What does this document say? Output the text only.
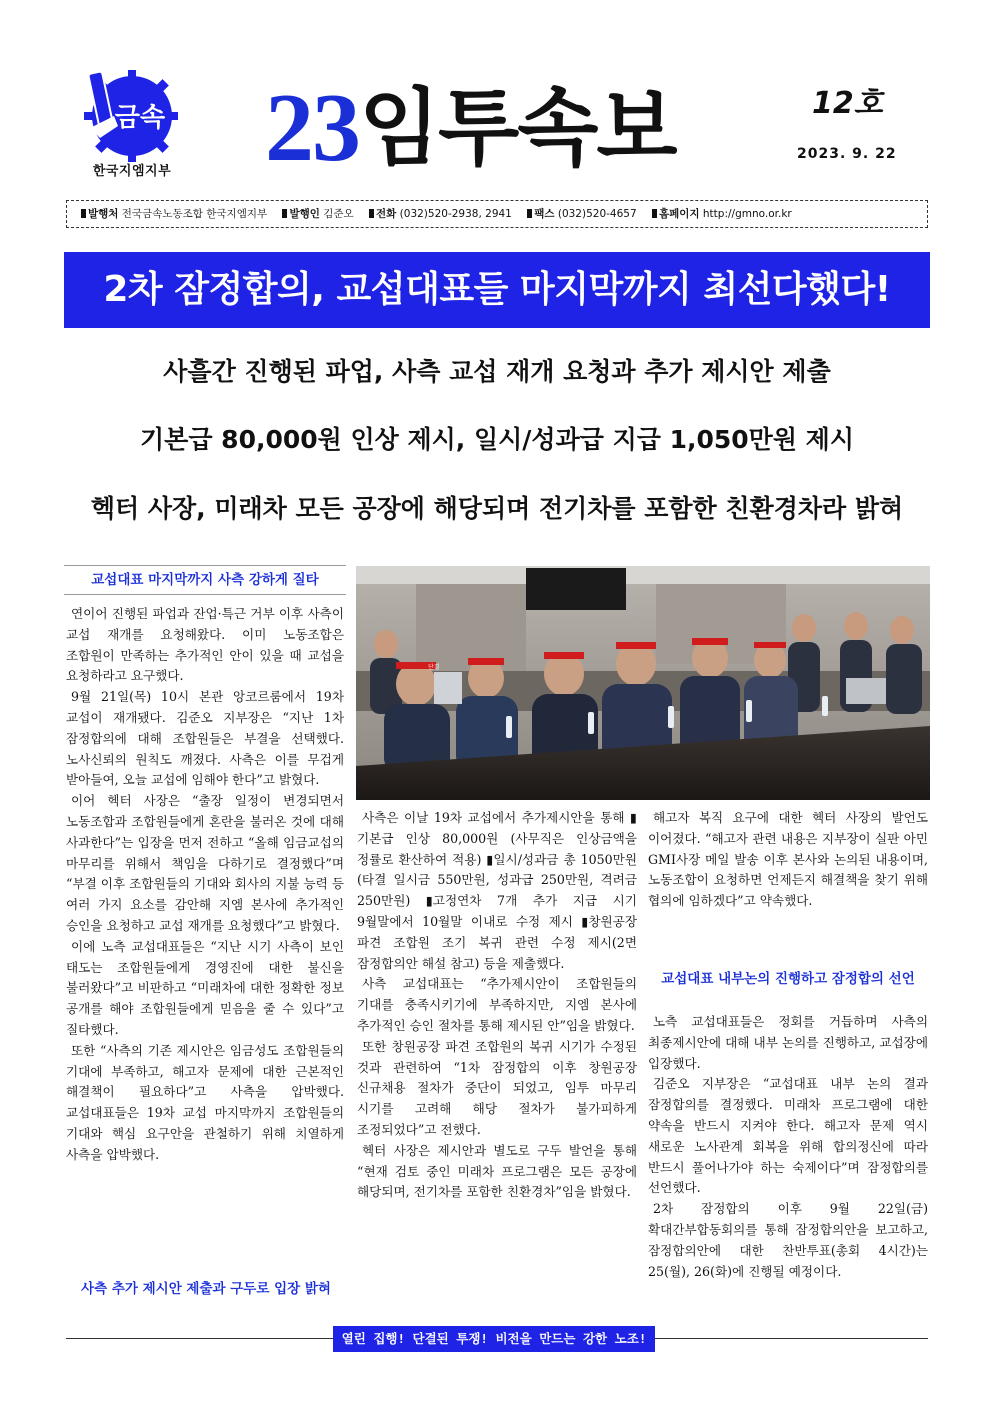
금속
한국지엠지부 23임투속보	12호
2023. 9. 22
발행처 전국금속노동조합 한국지엠지부 발행인 김준오 전화 (032)520-2938, 2941 팩스 (032)520-4657 홈페이지 http://gmno.or.kr
2차 잠정합의, 교섭대표들 마지막까지 최선다했다!
사흘간 진행된 파업, 사측 교섭 재개 요청과 추가 제시안 제출
기본급 80,000원 인상 제시, 일시/성과급 지급 1,050만원 제시
헥터 사장, 미래차 모든 공장에 해당되며 전기차를 포함한 친환경차라 밝혀
교섭대표 마지막까지 사측 강하게 질타

연이어 진행된 파업과 잔업·특근 거부 이후 사측이 교섭 재개를 요청해왔다. 이미 노동조합은 조합원이 만족하는 추가적인 안이 있을 때 교섭을 요청하라고 요구했다.

9월 21일(목) 10시 본관 앙코르룸에서 19차 교섭이 재개됐다. 김준오 지부장은 “지난 1차 잠정합의에 대해 조합원들은 부결을 선택했다. 노사신뢰의 원칙도 깨졌다. 사측은 이를 무겁게 받아들여, 오늘 교섭에 임해야 한다”고 밝혔다.

이어 헥터 사장은 “출장 일정이 변경되면서 노동조합과 조합원들에게 혼란을 불러온 것에 대해 사과한다”는 입장을 먼저 전하고 “올해 임금교섭의 마무리를 위해서 책임을 다하기로 결정했다”며 “부결 이후 조합원들의 기대와 회사의 지불 능력 등 여러 가지 요소를 감안해 지엠 본사에 추가적인 승인을 요청하고 교섭 재개를 요청했다”고 밝혔다.

이에 노측 교섭대표들은 “지난 시기 사측이 보인 태도는 조합원들에게 경영진에 대한 불신을 불러왔다”고 비판하고 “미래차에 대한 정확한 정보 공개를 해야 조합원들에게 믿음을 줄 수 있다”고 질타했다.

또한 “사측의 기존 제시안은 임금성도 조합원들의 기대에 부족하고, 해고자 문제에 대한 근본적인 해결책이 필요하다”고 사측을 압박했다. 교섭대표들은 19차 교섭 마지막까지 조합원들의 기대와 핵심 요구안을 관철하기 위해 치열하게 사측을 압박했다.

사측 추가 제시안 제출과 구두로 입장 밝혀
단결

사측은 이날 19차 교섭에서 추가제시안을 통해 ▮기본급 인상 80,000원 (사무직은 인상금액을 정률로 환산하여 적용) ▮일시/성과금 총 1050만원 (타결 일시금 550만원, 성과급 250만원, 격려금 250만원) ▮고정연차 7개 추가 지급 시기 9월말에서 10월말 이내로 수정 제시 ▮창원공장 파견 조합원 조기 복귀 관련 수정 제시(2면 잠정합의안 해설 참고) 등을 제출했다.

사측 교섭대표는 “추가제시안이 조합원들의 기대를 충족시키기에 부족하지만, 지엠 본사에 추가적인 승인 절차를 통해 제시된 안”임을 밝혔다.

또한 창원공장 파견 조합원의 복귀 시기가 수정된 것과 관련하여 “1차 잠정합의 이후 창원공장 신규채용 절차가 중단이 되었고, 임투 마무리 시기를 고려해 해당 절차가 불가피하게 조정되었다”고 전했다.

헥터 사장은 제시안과 별도로 구두 발언을 통해 “현재 검토 중인 미래차 프로그램은 모든 공장에 해당되며, 전기차를 포함한 친환경차”임을 밝혔다.

해고자 복직 요구에 대한 헥터 사장의 발언도 이어졌다. “해고자 관련 내용은 지부장이 실판 아민 GMI사장 메일 발송 이후 본사와 논의된 내용이며, 노동조합이 요청하면 언제든지 해결책을 찾기 위해 협의에 임하겠다”고 약속했다.

교섭대표 내부논의 진행하고 잠정합의 선언

노측 교섭대표들은 정회를 거듭하며 사측의 최종제시안에 대해 내부 논의를 진행하고, 교섭장에 입장했다.

김준오 지부장은 “교섭대표 내부 논의 결과 잠정합의를 결정했다. 미래차 프로그램에 대한 약속을 반드시 지켜야 한다. 해고자 문제 역시 새로운 노사관계 회복을 위해 합의정신에 따라 반드시 풀어나가야 하는 숙제이다”며 잠정합의를 선언했다.

2차 잠정합의 이후 9월 22일(금) 확대간부합동회의를 통해 잠정합의안을 보고하고, 잠정합의안에 대한 찬반투표(총회 4시간)는 25(월), 26(화)에 진행될 예정이다.

열린 집행! 단결된 투쟁! 비전을 만드는 강한 노조!
